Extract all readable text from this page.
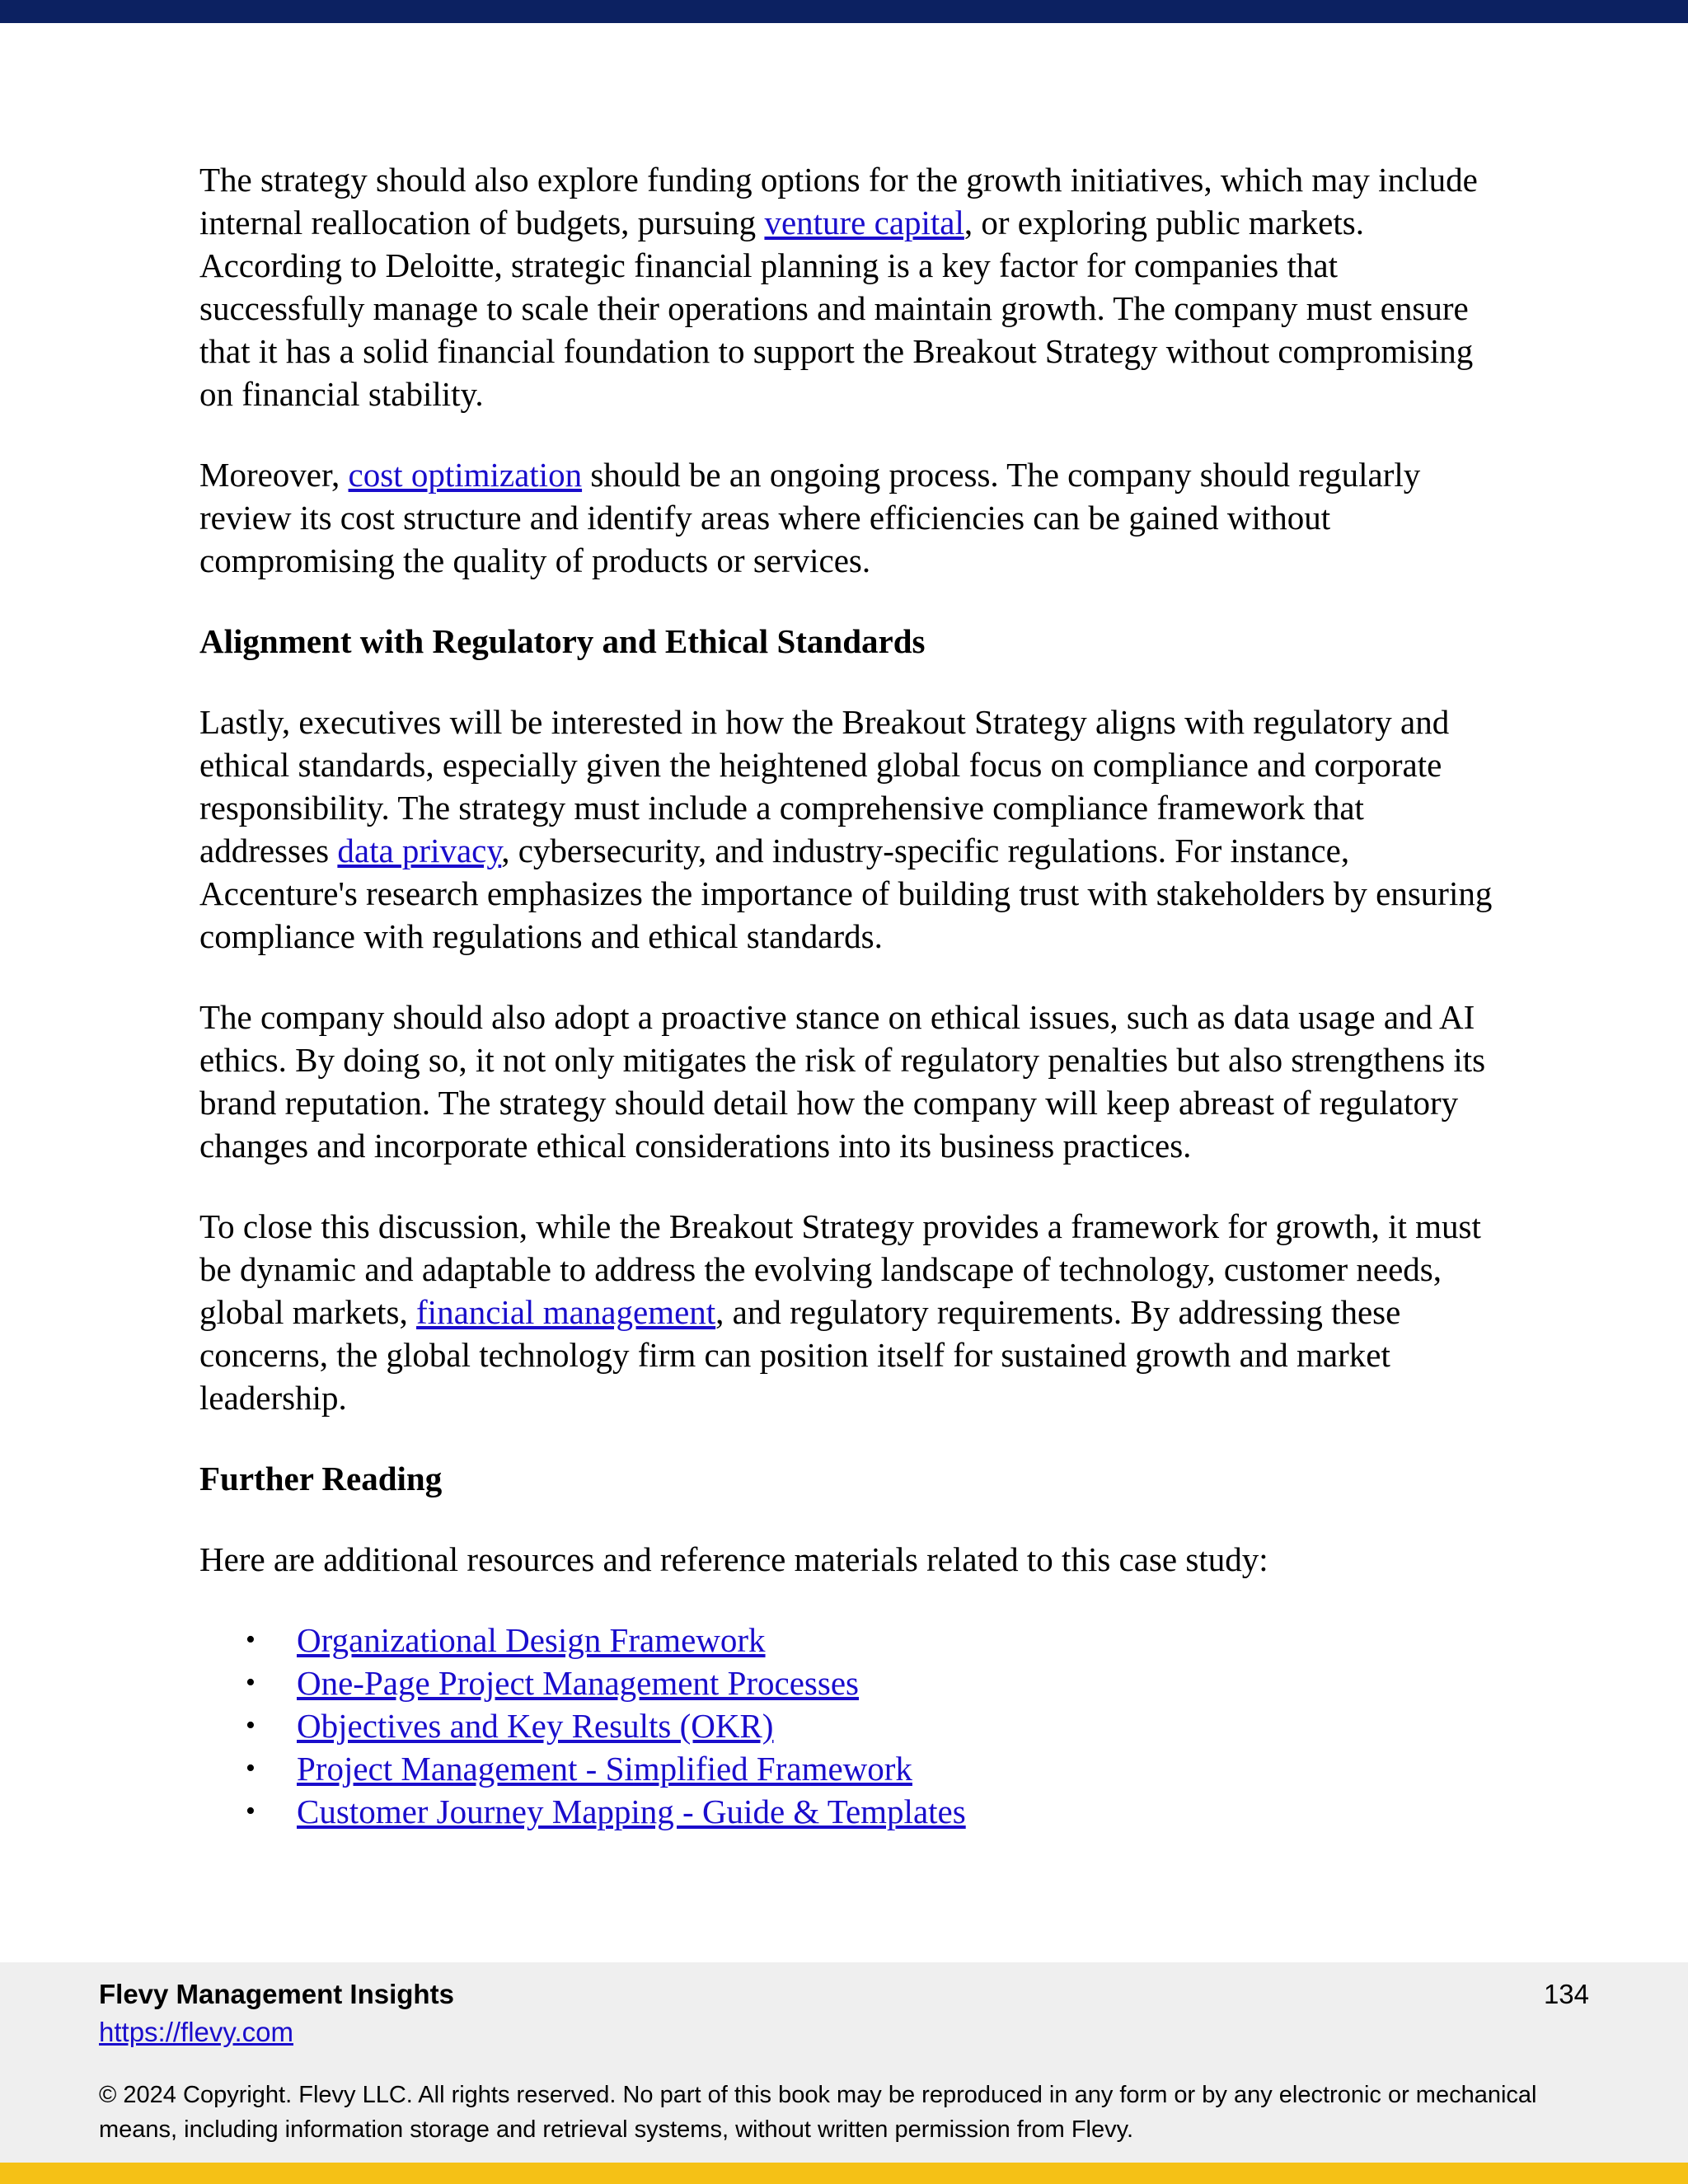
The strategy should also explore funding options for the growth initiatives, which may include internal reallocation of budgets, pursuing venture capital, or exploring public markets. According to Deloitte, strategic financial planning is a key factor for companies that successfully manage to scale their operations and maintain growth. The company must ensure that it has a solid financial foundation to support the Breakout Strategy without compromising on financial stability.

Moreover, cost optimization should be an ongoing process. The company should regularly review its cost structure and identify areas where efficiencies can be gained without compromising the quality of products or services.

Alignment with Regulatory and Ethical Standards

Lastly, executives will be interested in how the Breakout Strategy aligns with regulatory and ethical standards, especially given the heightened global focus on compliance and corporate responsibility. The strategy must include a comprehensive compliance framework that addresses data privacy, cybersecurity, and industry-specific regulations. For instance, Accenture's research emphasizes the importance of building trust with stakeholders by ensuring compliance with regulations and ethical standards.

The company should also adopt a proactive stance on ethical issues, such as data usage and AI ethics. By doing so, it not only mitigates the risk of regulatory penalties but also strengthens its brand reputation. The strategy should detail how the company will keep abreast of regulatory changes and incorporate ethical considerations into its business practices.

To close this discussion, while the Breakout Strategy provides a framework for growth, it must be dynamic and adaptable to address the evolving landscape of technology, customer needs, global markets, financial management, and regulatory requirements. By addressing these concerns, the global technology firm can position itself for sustained growth and market leadership.

Further Reading

Here are additional resources and reference materials related to this case study:

• Organizational Design Framework
• One-Page Project Management Processes
• Objectives and Key Results (OKR)
• Project Management - Simplified Framework
• Customer Journey Mapping - Guide & Templates
Flevy Management Insights
https://flevy.com
134
© 2024 Copyright. Flevy LLC. All rights reserved. No part of this book may be reproduced in any form or by any electronic or mechanical means, including information storage and retrieval systems, without written permission from Flevy.
